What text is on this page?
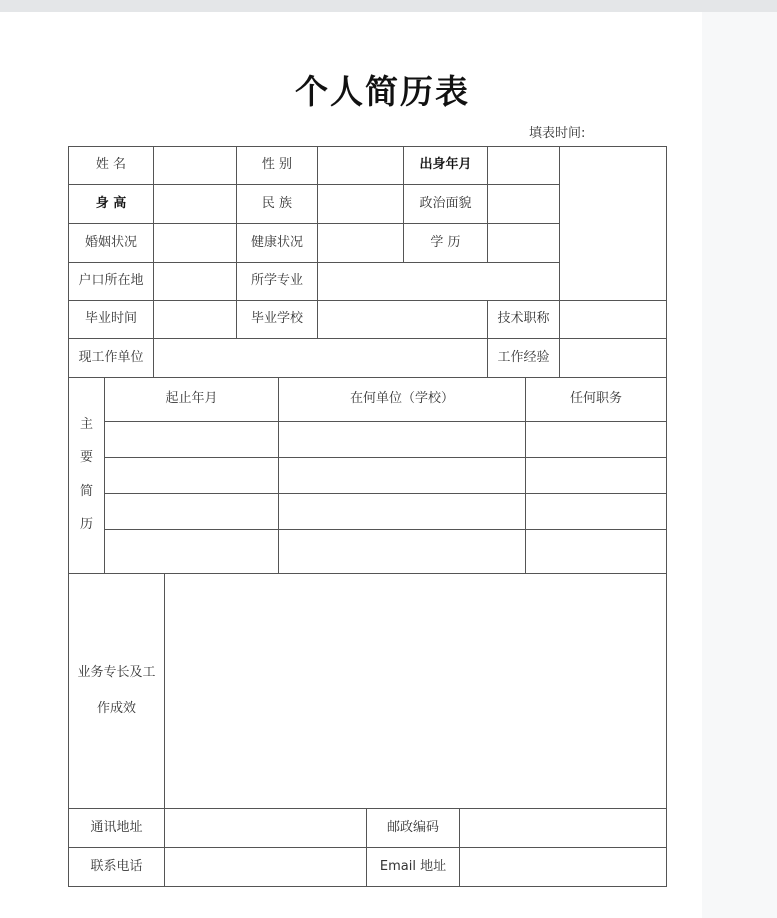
个人简历表
填表时间:
姓 名	性 别	出身年月
身 高	民 族	政治面貌
婚姻状况	健康状况	学 历
户口所在地	所学专业
毕业时间	毕业学校	技术职称
现工作单位	工作经验
主
要
简
历
起止年月	在何单位（学校）	任何职务
业务专长及工作成效
通讯地址	邮政编码
联系电话	Email 地址
